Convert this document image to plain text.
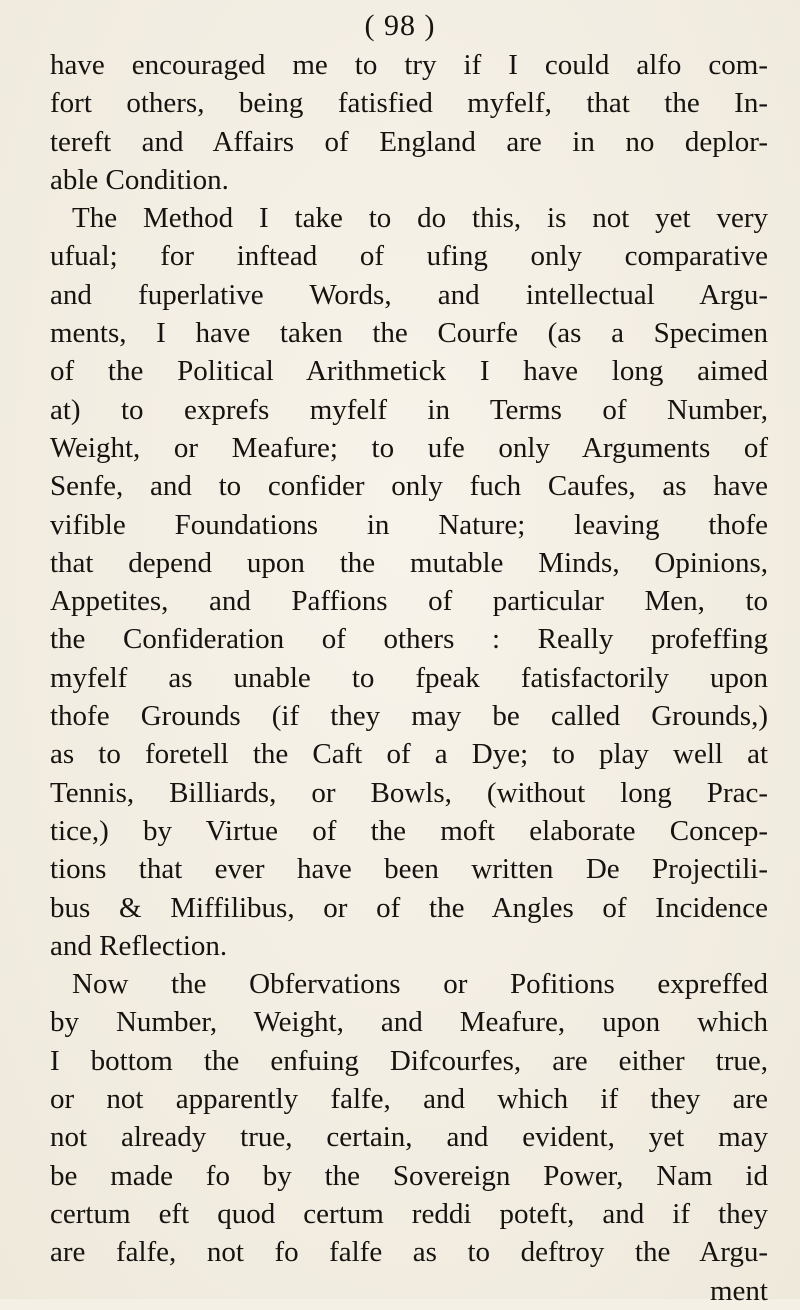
( 98 )
have encouraged me to try if I could alfo com-
fort others, being fatisfied myfelf, that the In-
tereft and Affairs of England are in no deplor-
able Condition.
The Method I take to do this, is not yet very
ufual; for inftead of ufing only comparative
and fuperlative Words, and intellectual Argu-
ments, I have taken the Courfe (as a Specimen
of the Political Arithmetick I have long aimed
at) to exprefs myfelf in Terms of Number,
Weight, or Meafure; to ufe only Arguments of
Senfe, and to confider only fuch Caufes, as have
vifible Foundations in Nature; leaving thofe
that depend upon the mutable Minds, Opinions,
Appetites, and Paffions of particular Men, to
the Confideration of others : Really profeffing
myfelf as unable to fpeak fatisfactorily upon
thofe Grounds (if they may be called Grounds,)
as to foretell the Caft of a Dye; to play well at
Tennis, Billiards, or Bowls, (without long Prac-
tice,) by Virtue of the moft elaborate Concep-
tions that ever have been written De Projectili-
bus & Miffilibus, or of the Angles of Incidence
and Reflection.
Now the Obfervations or Pofitions expreffed
by Number, Weight, and Meafure, upon which
I bottom the enfuing Difcourfes, are either true,
or not apparently falfe, and which if they are
not already true, certain, and evident, yet may
be made fo by the Sovereign Power, Nam id
certum eft quod certum reddi poteft, and if they
are falfe, not fo falfe as to deftroy the Argu-
ment
